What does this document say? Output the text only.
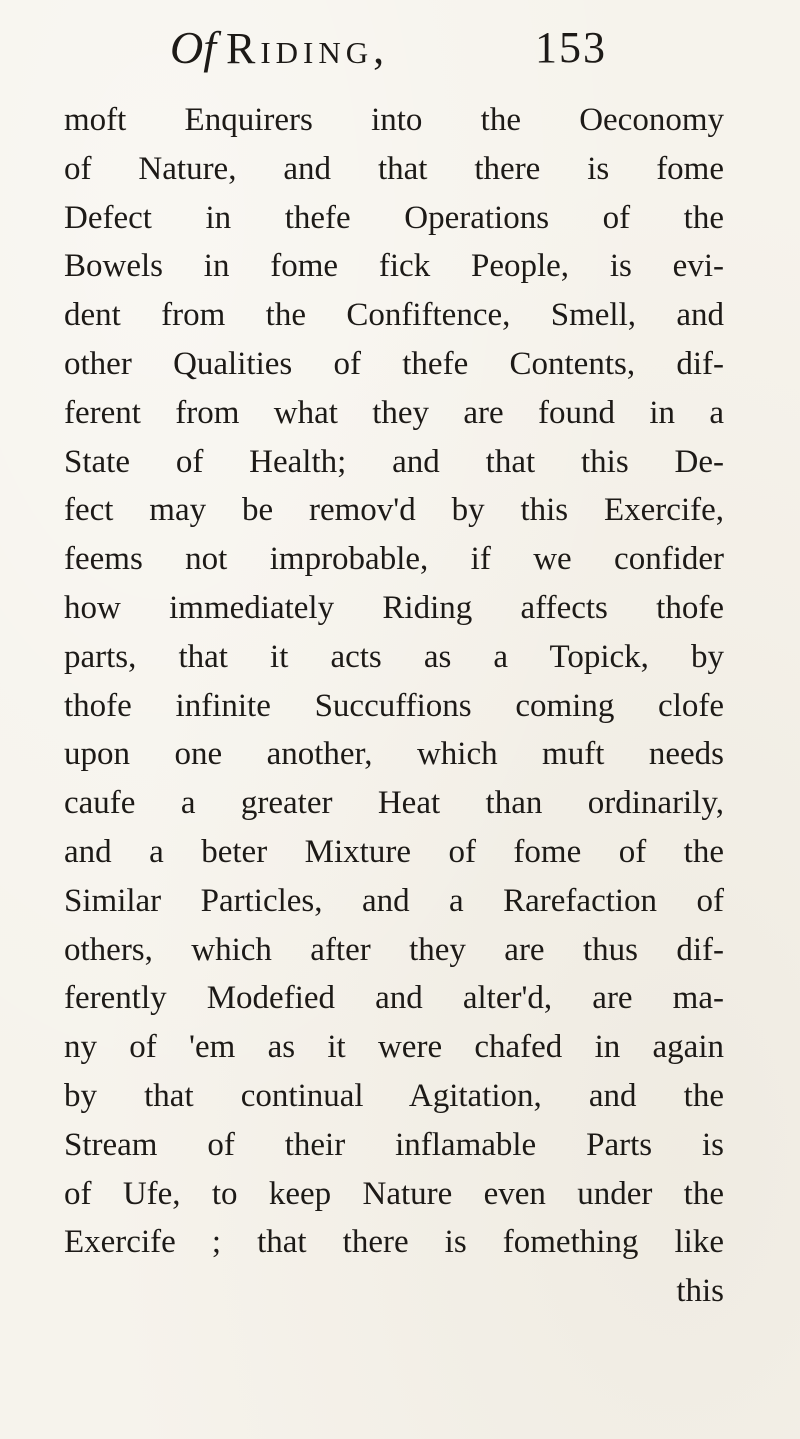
Of Riding,	153
moft Enquirers into the Oeconomy
of Nature, and that there is fome
Defect in thefe Operations of the
Bowels in fome fick People, is evi-
dent from the Confiftence, Smell, and
other Qualities of thefe Contents, dif-
ferent from what they are found in a
State of Health; and that this De-
fect may be remov'd by this Exercife,
feems not improbable, if we confider
how immediately Riding affects thofe
parts, that it acts as a Topick, by
thofe infinite Succuffions coming clofe
upon one another, which muft needs
caufe a greater Heat than ordinarily,
and a beter Mixture of fome of the
Similar Particles, and a Rarefaction of
others, which after they are thus dif-
ferently Modefied and alter'd, are ma-
ny of 'em as it were chafed in again
by that continual Agitation, and the
Stream of their inflamable Parts is
of Ufe, to keep Nature even under the
Exercife ; that there is fomething like
this
